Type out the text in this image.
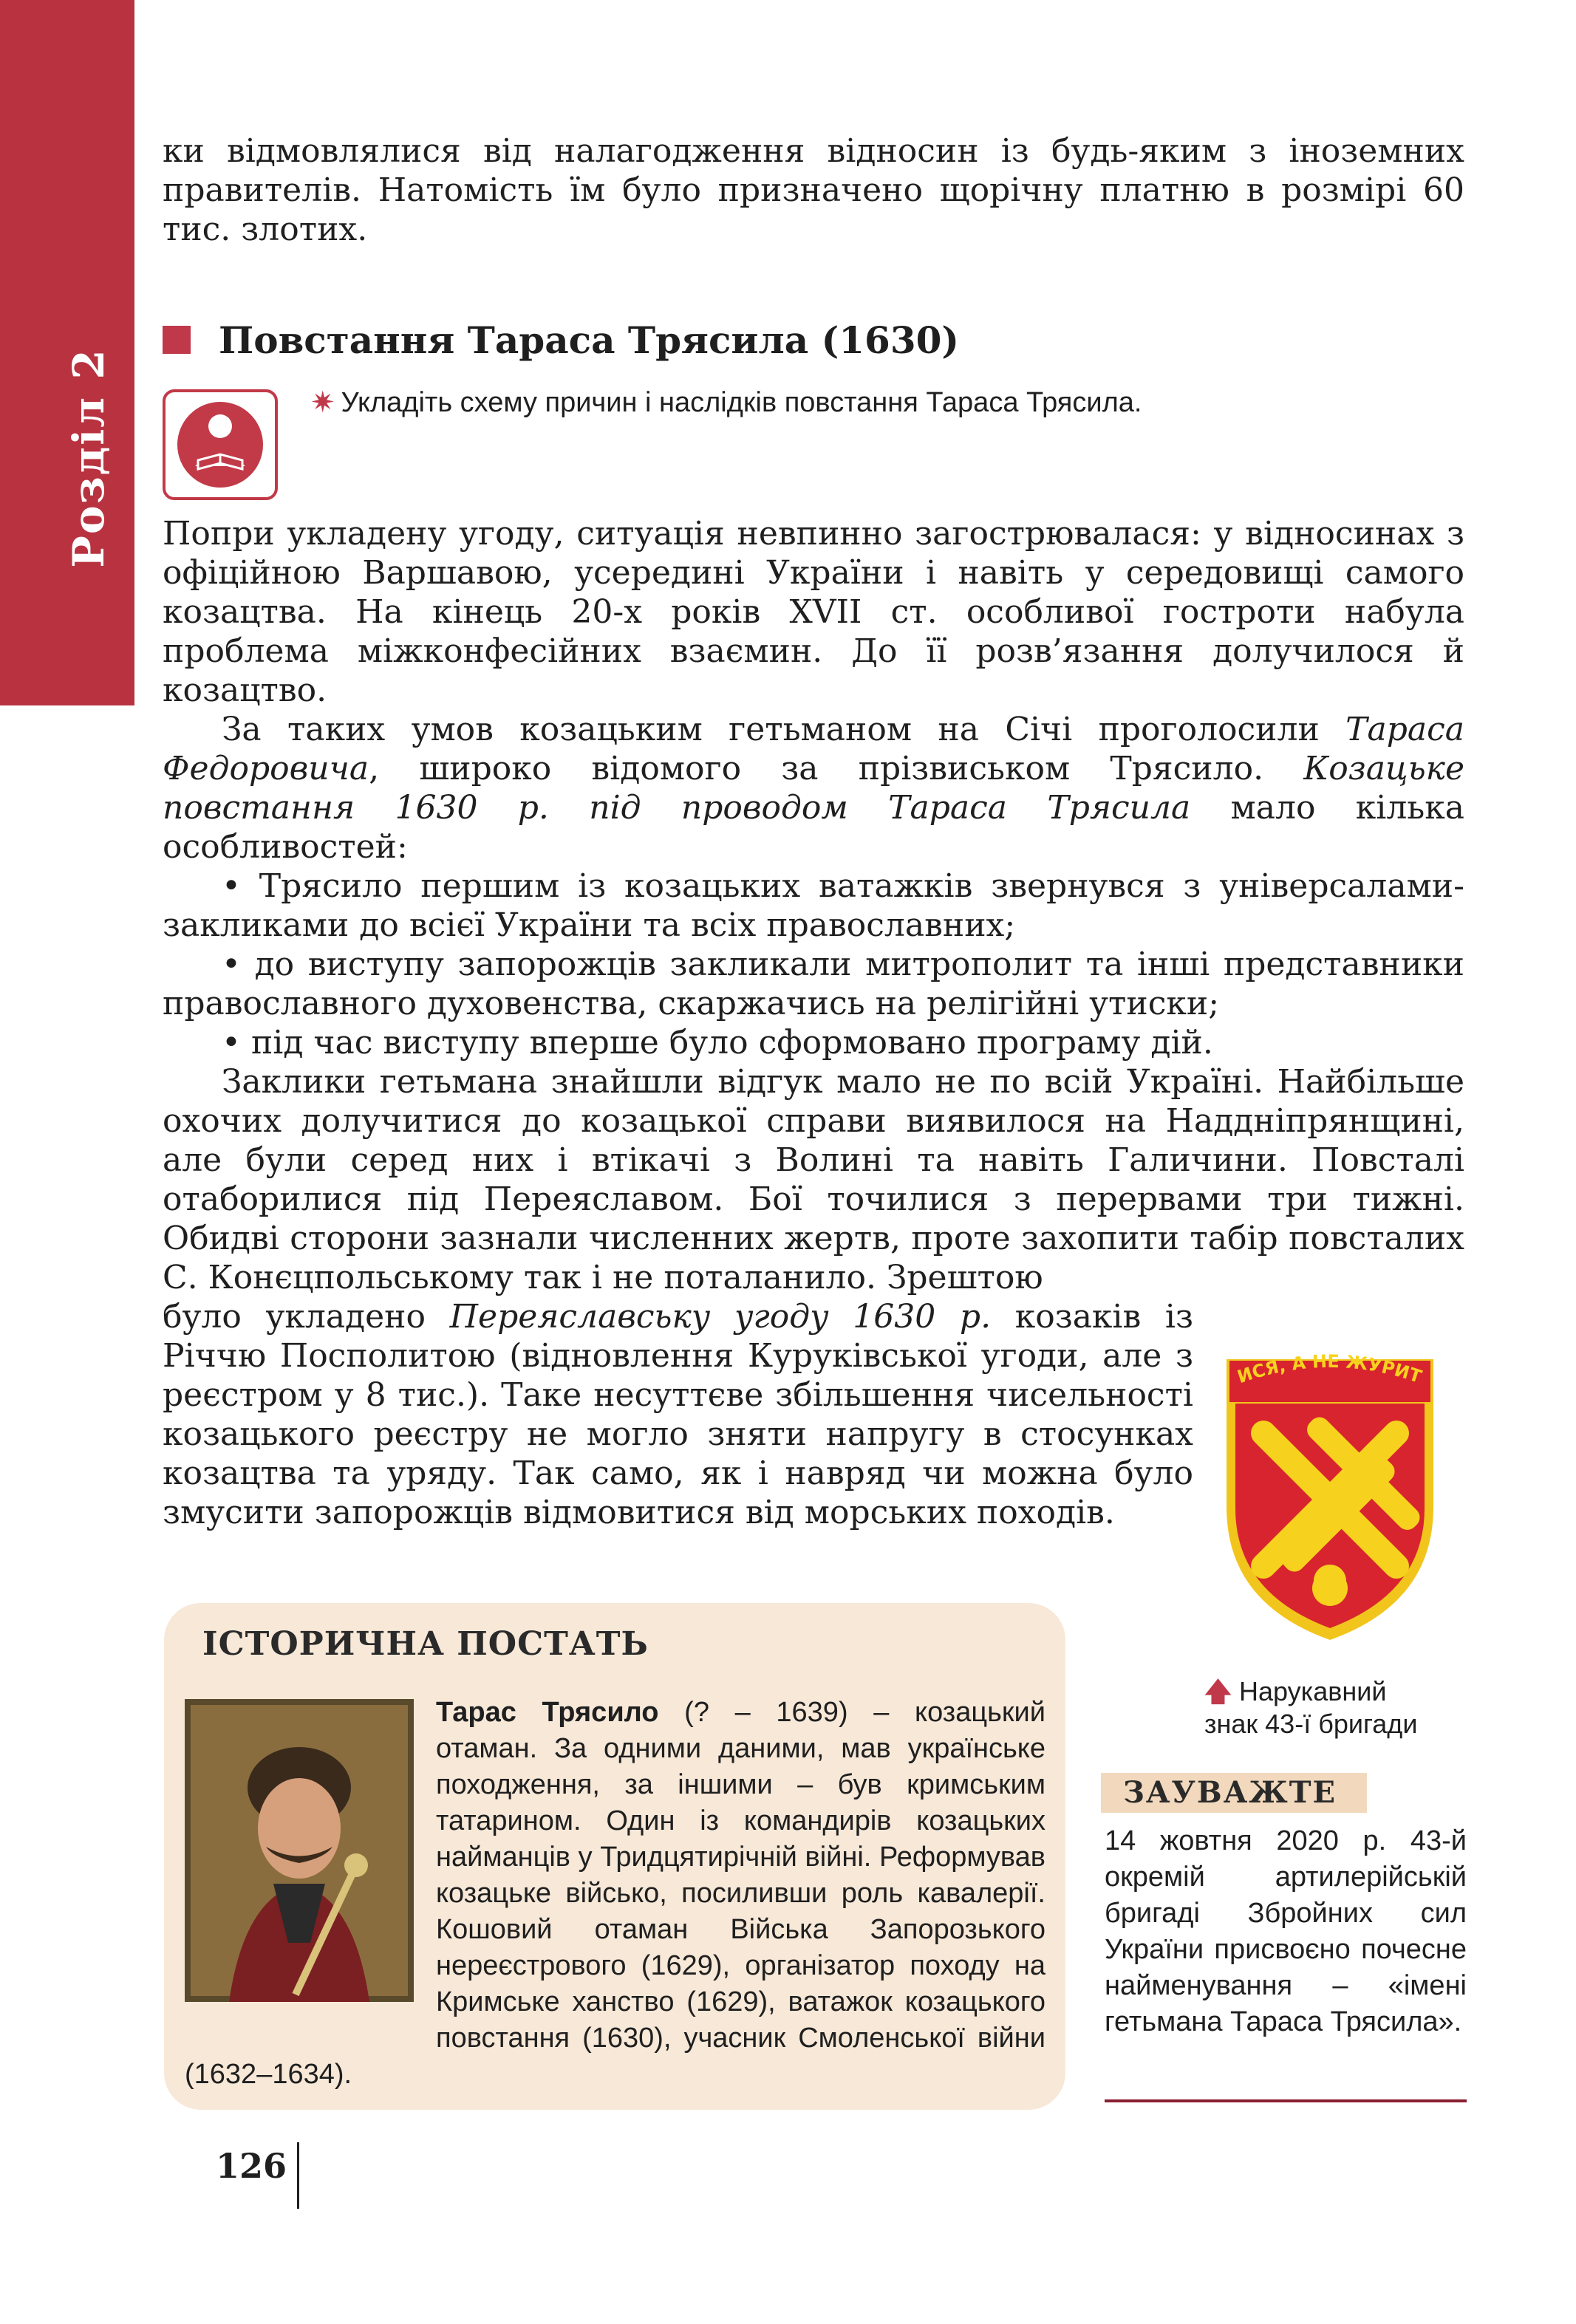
Розділ 2

ки відмовлялися від налагодження відносин із будь-яким з іноземних правителів. Натомість їм було призначено щорічну платню в розмірі 60 тис. злотих.

Повстання Тараса Трясила (1630)
✷ Укладіть схему причин і наслідків повстання Тараса Трясила.

Попри укладену угоду, ситуація невпинно загострювалася: у відносинах з офіційною Варшавою, усередині України і навіть у середовищі самого козацтва. На кінець 20-х років XVII ст. особливої гостроти набула проблема міжконфесійних взаємин. До її розв’язання долучилося й козацтво.

За таких умов козацьким гетьманом на Січі проголосили Тараса Федоровича, широко відомого за прізвиськом Трясило. Козацьке повстання 1630 р. під проводом Тараса Трясила мало кілька особливостей:

• Трясило першим із козацьких ватажків звернувся з універсалами-закликами до всієї України та всіх православних;

• до виступу запорожців закликали митрополит та інші представники православного духовенства, скаржачись на релігійні утиски;

• під час виступу вперше було сформовано програму дій.

Заклики гетьмана знайшли відгук мало не по всій Україні. Найбільше охочих долучитися до козацької справи виявилося на Наддніпрянщині, але були серед них і втікачі з Волині та навіть Галичини. Повсталі отаборилися під Переяславом. Бої точилися з перервами три тижні. Обидві сторони зазнали численних жертв, проте захопити табір повсталих С. Конєцпольському так і не поталанило. Зрештою

було укладено Переяславську угоду 1630 р. козаків із Річчю Посполитою (відновлення Куруківської угоди, але з реєстром у 8 тис.). Таке несуттєве збільшення чисельності козацького реєстру не могло зняти напругу в стосунках козацтва та уряду. Так само, як і навряд чи можна було змусити запорожців відмовитися від морських походів.

ИСЯ, А НЕ ЖУРИТ
🡅 Нарукавний
знак 43-ї бригади
ІСТОРИЧНА ПОСТАТЬ
Тарас Трясило (? – 1639) – козацький отаман. За одними даними, мав українське походження, за іншими – був кримським татарином. Один із командирів козацьких найманців у Тридцятирічній війні. Реформував козацьке військо, посиливши роль кавалерії. Кошовий отаман Війська Запорозького нереєстрового (1629), організатор походу на Кримське ханство (1629), ватажок козацького повстання (1630), учасник Смоленської війни (1632–1634).
ЗАУВАЖТЕ
14 жовтня 2020 р. 43-й окремій артилерійській бригаді Збройних сил України присвоєно почесне найменування – «імені гетьмана Тараса Трясила».
126
